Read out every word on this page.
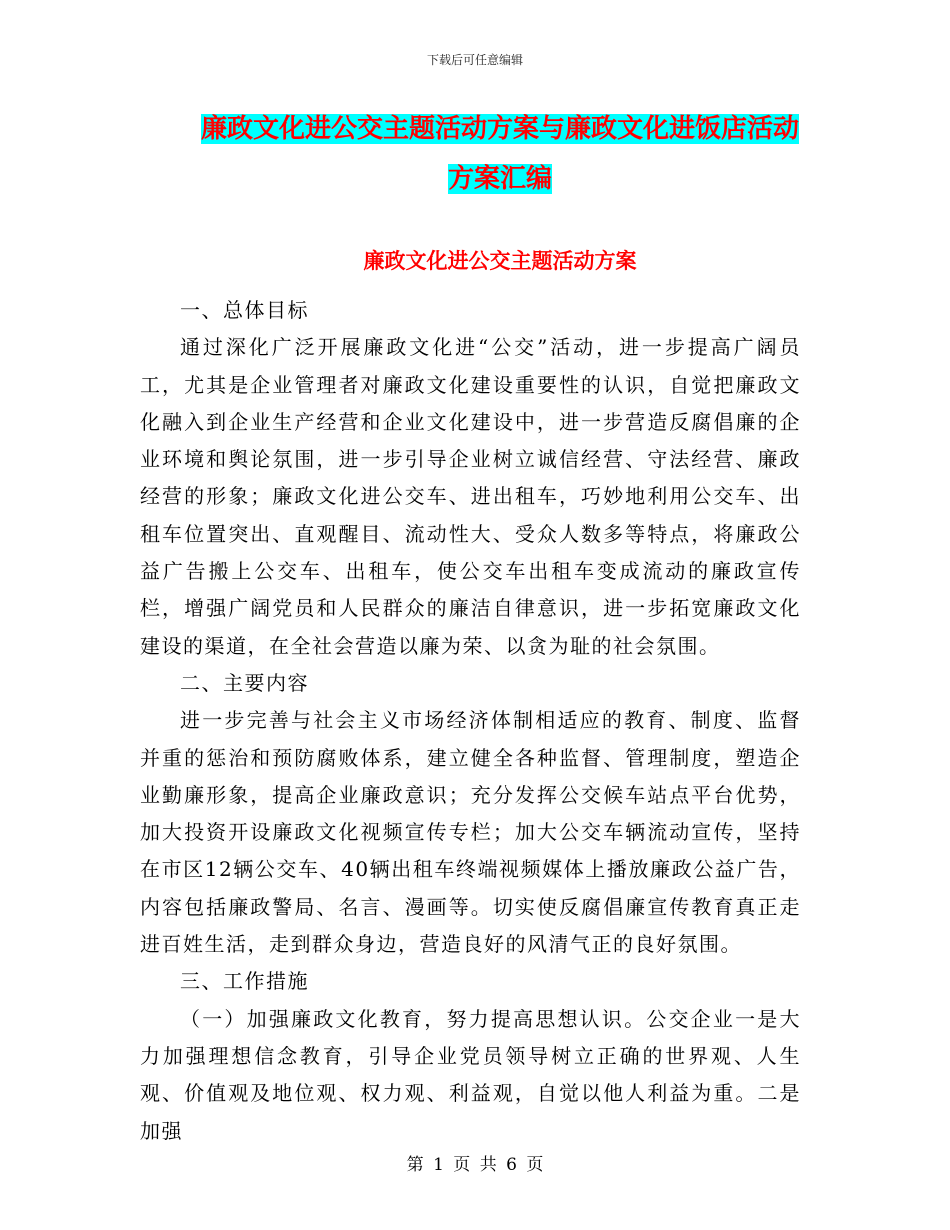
下载后可任意编辑
廉政文化进公交主题活动方案与廉政文化进饭店活动
方案汇编
廉政文化进公交主题活动方案

一、总体目标

通过深化广泛开展廉政文化进“公交”活动，进一步提高广阔员工，尤其是企业管理者对廉政文化建设重要性的认识，自觉把廉政文化融入到企业生产经营和企业文化建设中，进一步营造反腐倡廉的企业环境和舆论氛围，进一步引导企业树立诚信经营、守法经营、廉政经营的形象；廉政文化进公交车、进出租车，巧妙地利用公交车、出租车位置突出、直观醒目、流动性大、受众人数多等特点，将廉政公益广告搬上公交车、出租车，使公交车出租车变成流动的廉政宣传栏，增强广阔党员和人民群众的廉洁自律意识，进一步拓宽廉政文化建设的渠道，在全社会营造以廉为荣、以贪为耻的社会氛围。

二、主要内容

进一步完善与社会主义市场经济体制相适应的教育、制度、监督并重的惩治和预防腐败体系，建立健全各种监督、管理制度，塑造企业勤廉形象，提高企业廉政意识；充分发挥公交候车站点平台优势，加大投资开设廉政文化视频宣传专栏；加大公交车辆流动宣传，坚持在市区12辆公交车、40辆出租车终端视频媒体上播放廉政公益广告，内容包括廉政警局、名言、漫画等。切实使反腐倡廉宣传教育真正走进百姓生活，走到群众身边，营造良好的风清气正的良好氛围。

三、工作措施

（一）加强廉政文化教育，努力提高思想认识。公交企业一是大力加强理想信念教育，引导企业党员领导树立正确的世界观、人生观、价值观及地位观、权力观、利益观，自觉以他人利益为重。二是加强

第 1 页 共 6 页
